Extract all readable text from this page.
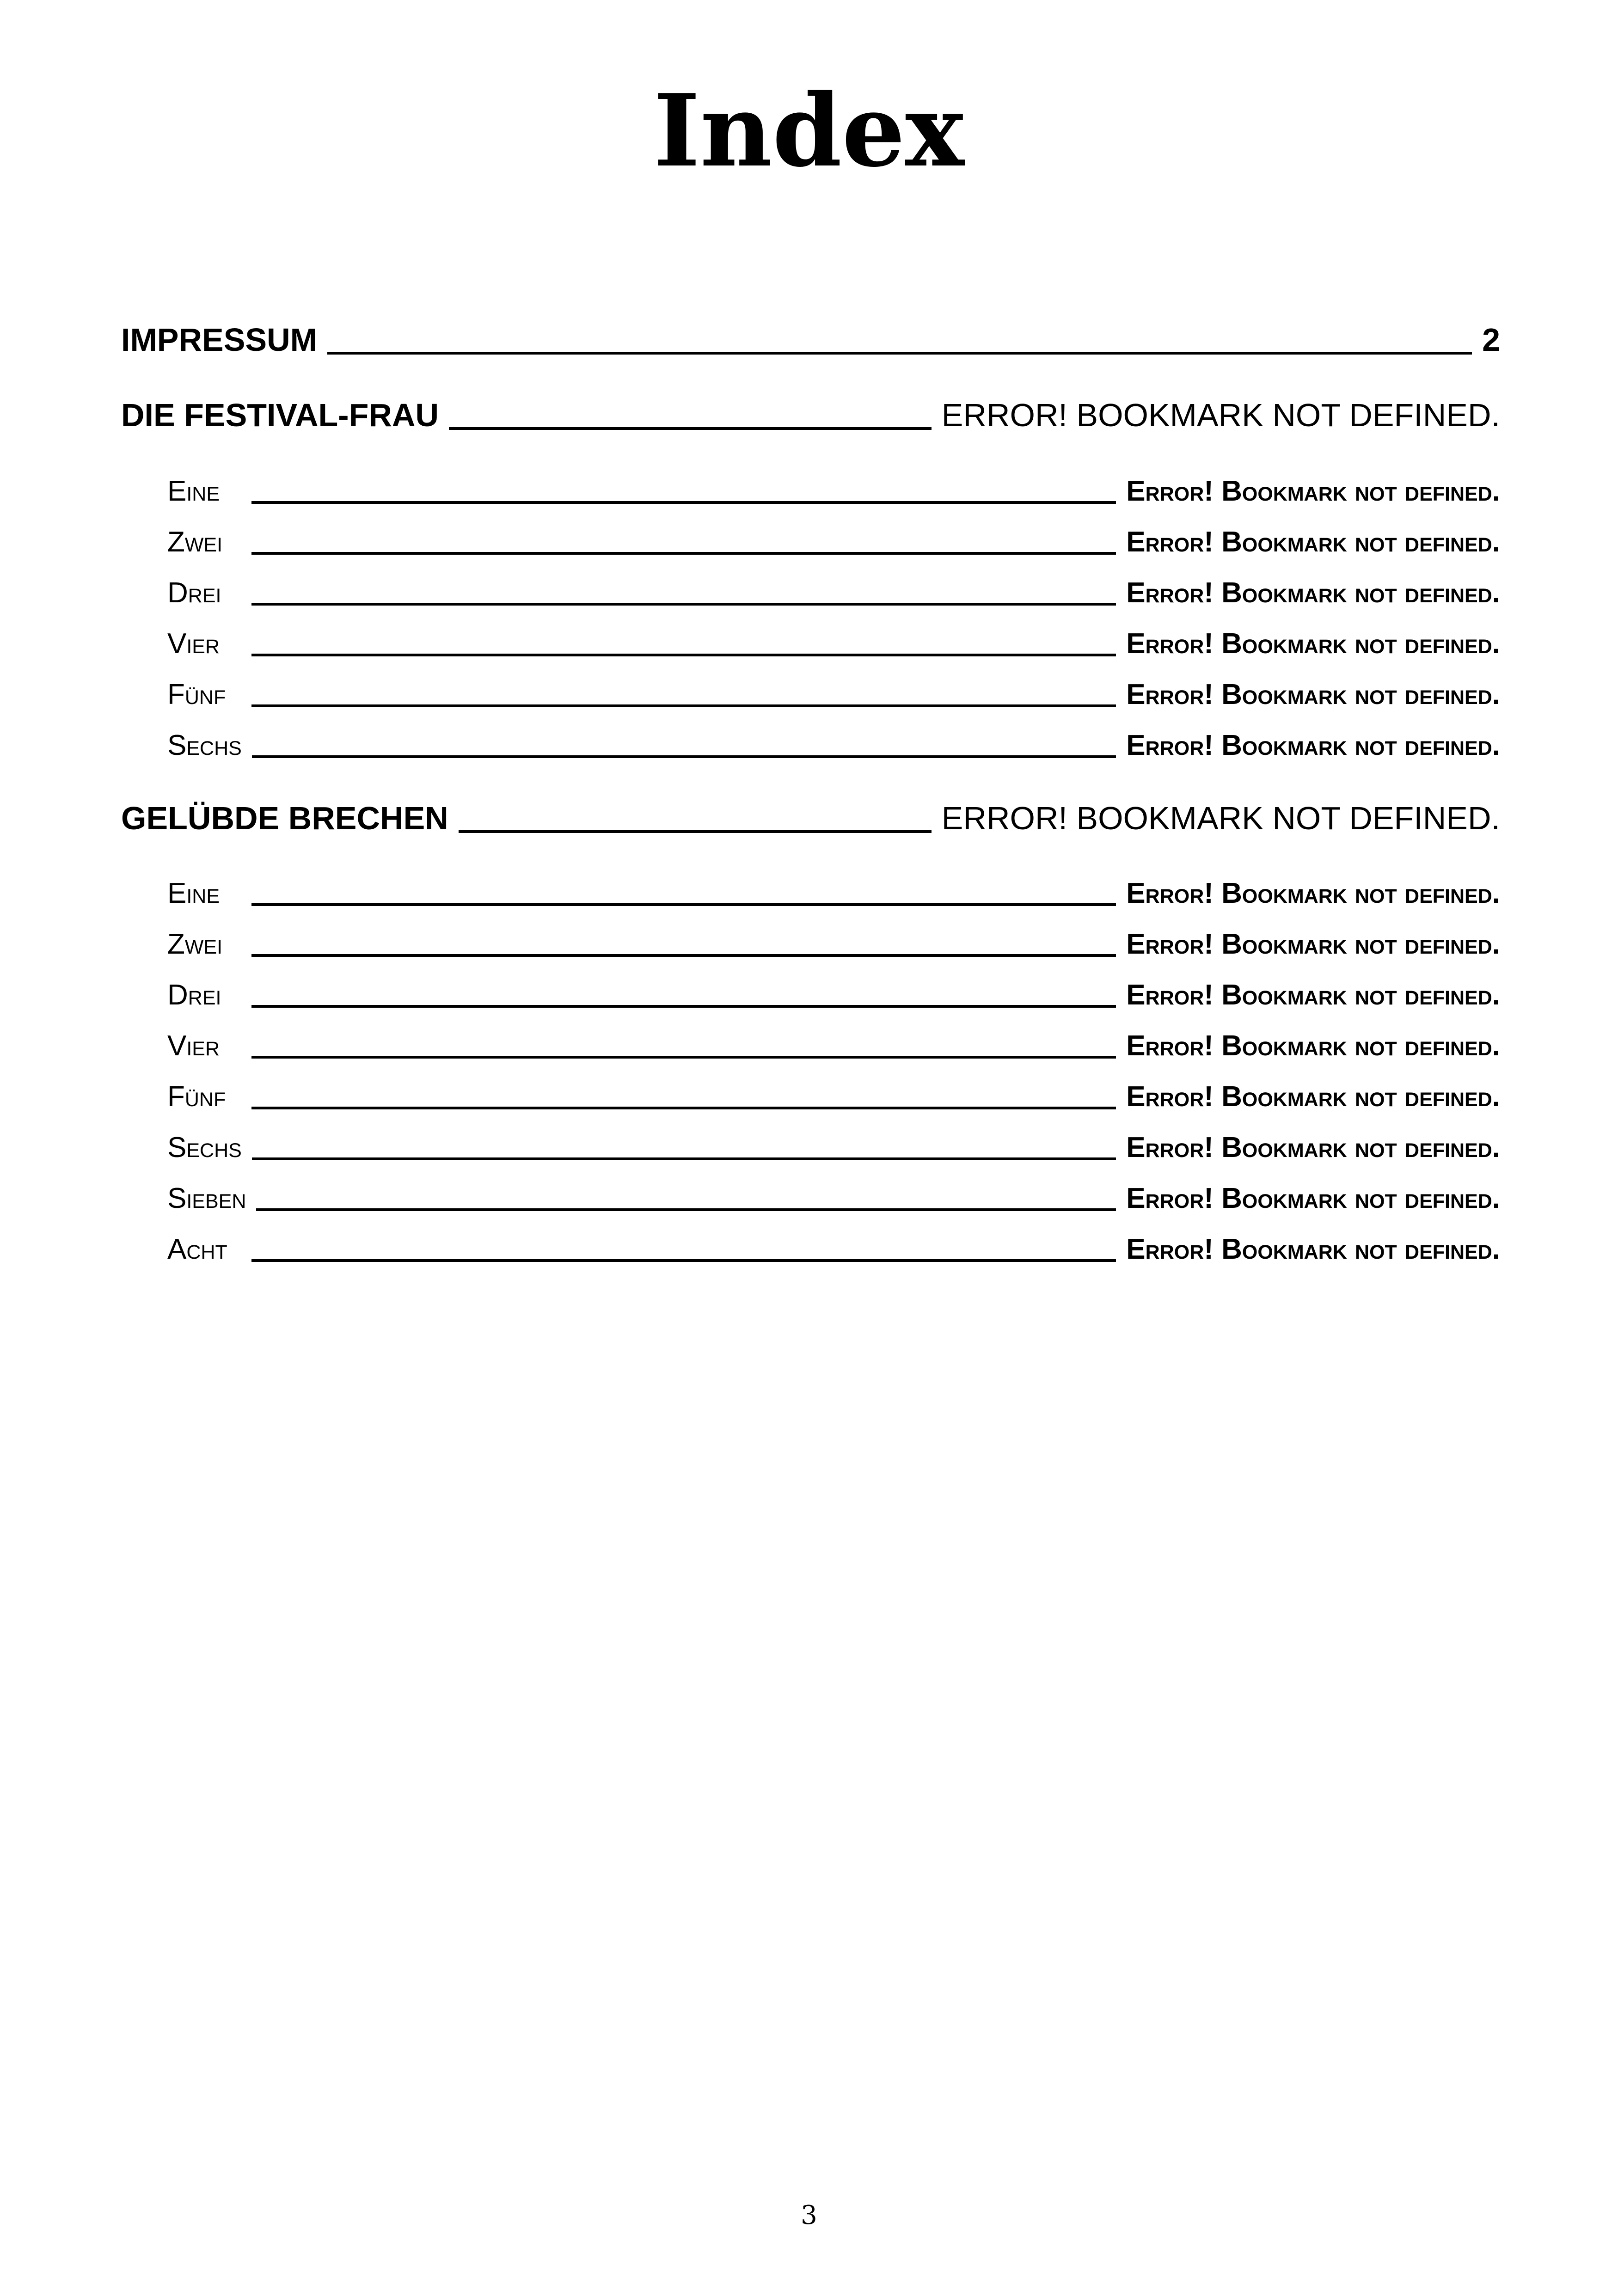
Index
IMPRESSUM	2
DIE FESTIVAL-FRAU	ERROR! BOOKMARK NOT DEFINED.
Eine	Error! Bookmark not defined.
Zwei	Error! Bookmark not defined.
Drei	Error! Bookmark not defined.
Vier	Error! Bookmark not defined.
Fünf	Error! Bookmark not defined.
Sechs	Error! Bookmark not defined.
GELÜBDE BRECHEN	ERROR! BOOKMARK NOT DEFINED.
Eine	Error! Bookmark not defined.
Zwei	Error! Bookmark not defined.
Drei	Error! Bookmark not defined.
Vier	Error! Bookmark not defined.
Fünf	Error! Bookmark not defined.
Sechs	Error! Bookmark not defined.
Sieben	Error! Bookmark not defined.
Acht	Error! Bookmark not defined.
3
